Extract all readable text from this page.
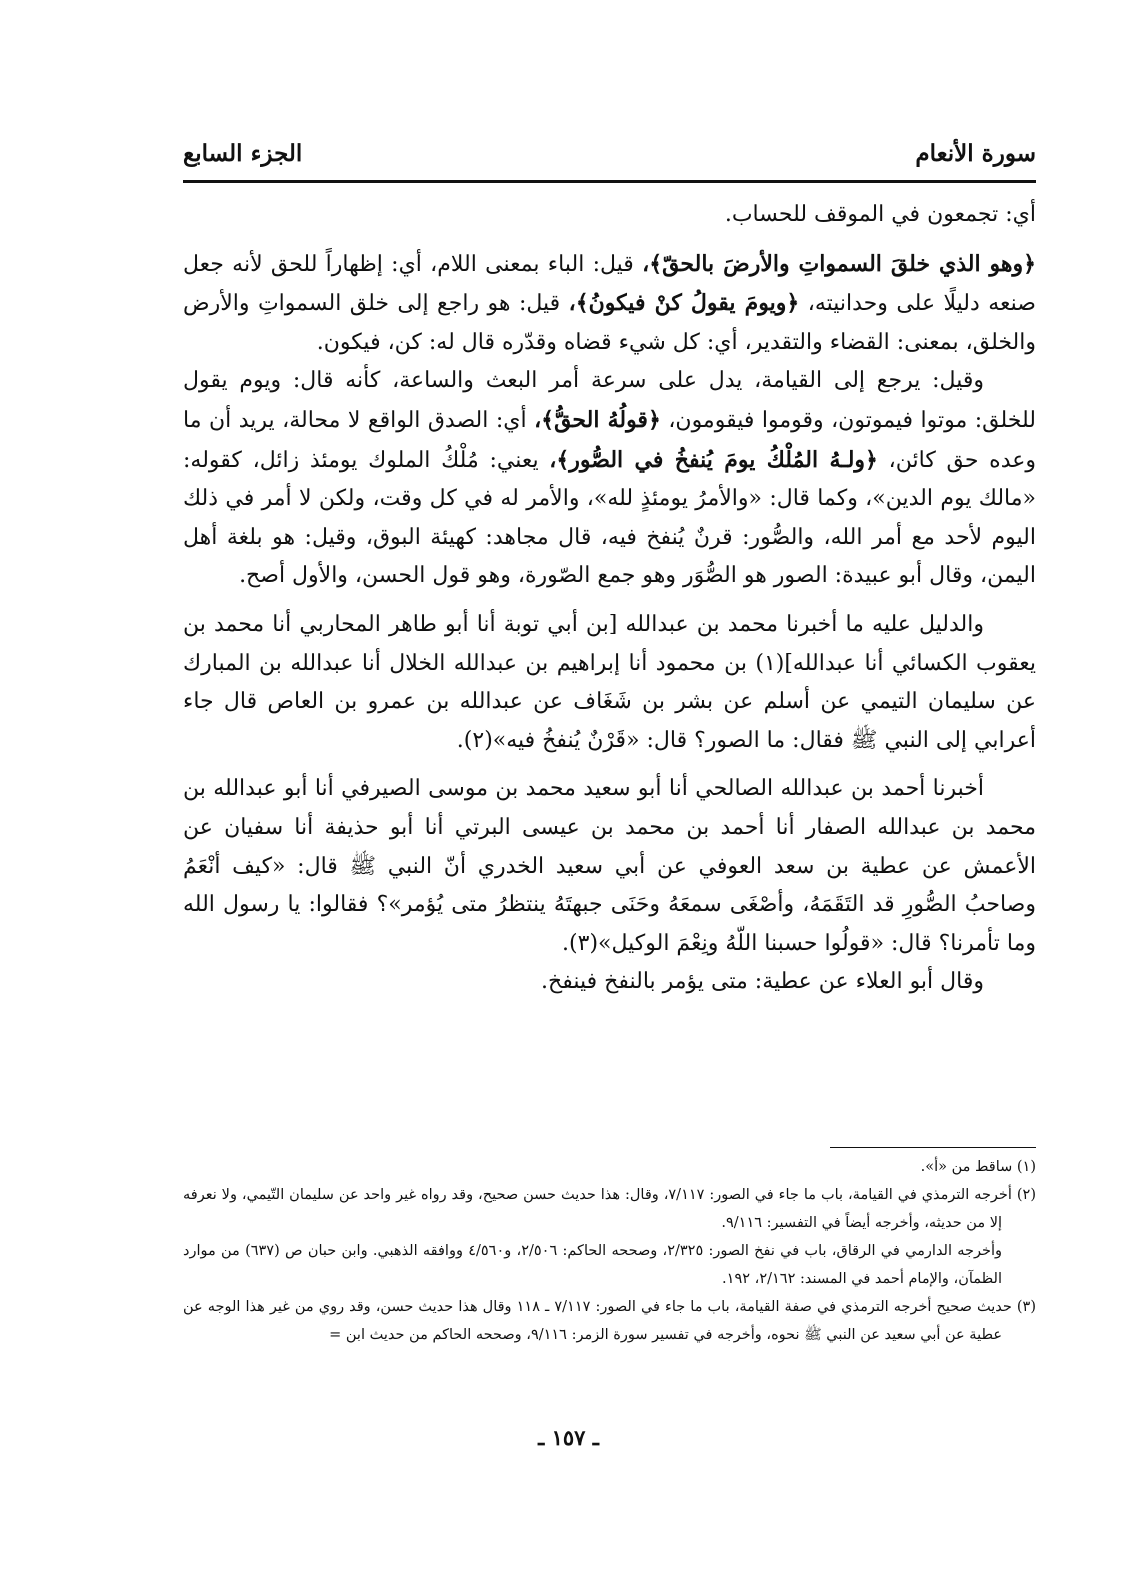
سورة الأنعام
الجزء السابع

أي: تجمعون في الموقف للحساب.

﴿وهو الذي خلقَ السمواتِ والأرضَ بالحقّ﴾، قيل: الباء بمعنى اللام، أي: إظهاراً للحق لأنه جعل صنعه دليلًا على وحدانيته، ﴿ويومَ يقولُ كنْ فيكونُ﴾، قيل: هو راجع إلى خلق السمواتِ والأرض والخلق، بمعنى: القضاء والتقدير، أي: كل شيء قضاه وقدّره قال له: كن، فيكون.

وقيل: يرجع إلى القيامة، يدل على سرعة أمر البعث والساعة، كأنه قال: ويوم يقول للخلق: موتوا فيموتون، وقوموا فيقومون، ﴿قولُهُ الحقُّ﴾، أي: الصدق الواقع لا محالة، يريد أن ما وعده حق كائن، ﴿ولـهُ المُلْكُ يومَ يُنفخُ في الصُّور﴾، يعني: مُلْكُ الملوك يومئذ زائل، كقوله: «مالك يوم الدين»، وكما قال: «والأمرُ يومئذٍ لله»، والأمر له في كل وقت، ولكن لا أمر في ذلك اليوم لأحد مع أمر الله، والصُّور: قرنٌ يُنفخ فيه، قال مجاهد: كهيئة البوق، وقيل: هو بلغة أهل اليمن، وقال أبو عبيدة: الصور هو الصُّوَر وهو جمع الصّورة، وهو قول الحسن، والأول أصح.

والدليل عليه ما أخبرنا محمد بن عبدالله [بن أبي توبة أنا أبو طاهر المحاربي أنا محمد بن يعقوب الكسائي أنا عبدالله](١) بن محمود أنا إبراهيم بن عبدالله الخلال أنا عبدالله بن المبارك عن سليمان التيمي عن أسلم عن بشر بن شَغَاف عن عبدالله بن عمرو بن العاص قال جاء أعرابي إلى النبي ﷺ فقال: ما الصور؟ قال: «قَرْنٌ يُنفخُ فيه»(٢).

أخبرنا أحمد بن عبدالله الصالحي أنا أبو سعيد محمد بن موسى الصيرفي أنا أبو عبدالله بن محمد بن عبدالله الصفار أنا أحمد بن محمد بن عيسى البرتي أنا أبو حذيفة أنا سفيان عن الأعمش عن عطية بن سعد العوفي عن أبي سعيد الخدري أنّ النبي ﷺ قال: «كيف أنْعَمُ وصاحبُ الصُّورِ قد التَقَمَهُ، وأصْغَى سمعَهُ وحَنَى جبهتَهُ ينتظرُ متى يُؤمر»؟ فقالوا: يا رسول الله وما تأمرنا؟ قال: «قولُوا حسبنا اللّهُ ونِعْمَ الوكيل»(٣).

وقال أبو العلاء عن عطية: متى يؤمر بالنفخ فينفخ.

(١) ساقط من «أ».

(٢) أخرجه الترمذي في القيامة، باب ما جاء في الصور: ٧/١١٧، وقال: هذا حديث حسن صحيح، وقد رواه غير واحد عن سليمان التّيمي، ولا نعرفه إلا من حديثه، وأخرجه أيضاً في التفسير: ٩/١١٦.

وأخرجه الدارمي في الرقاق، باب في نفخ الصور: ٢/٣٢٥، وصححه الحاكم: ٢/٥٠٦، و٤/٥٦٠ ووافقه الذهبي. وابن حبان ص (٦٣٧) من موارد الظمآن، والإمام أحمد في المسند: ٢/١٦٢، ١٩٢.

(٣) حديث صحيح أخرجه الترمذي في صفة القيامة، باب ما جاء في الصور: ٧/١١٧ ـ ١١٨ وقال هذا حديث حسن، وقد روي من غير هذا الوجه عن عطية عن أبي سعيد عن النبي ﷺ نحوه، وأخرجه في تفسير سورة الزمر: ٩/١١٦، وصححه الحاكم من حديث ابن =

ـ ١٥٧ ـ
